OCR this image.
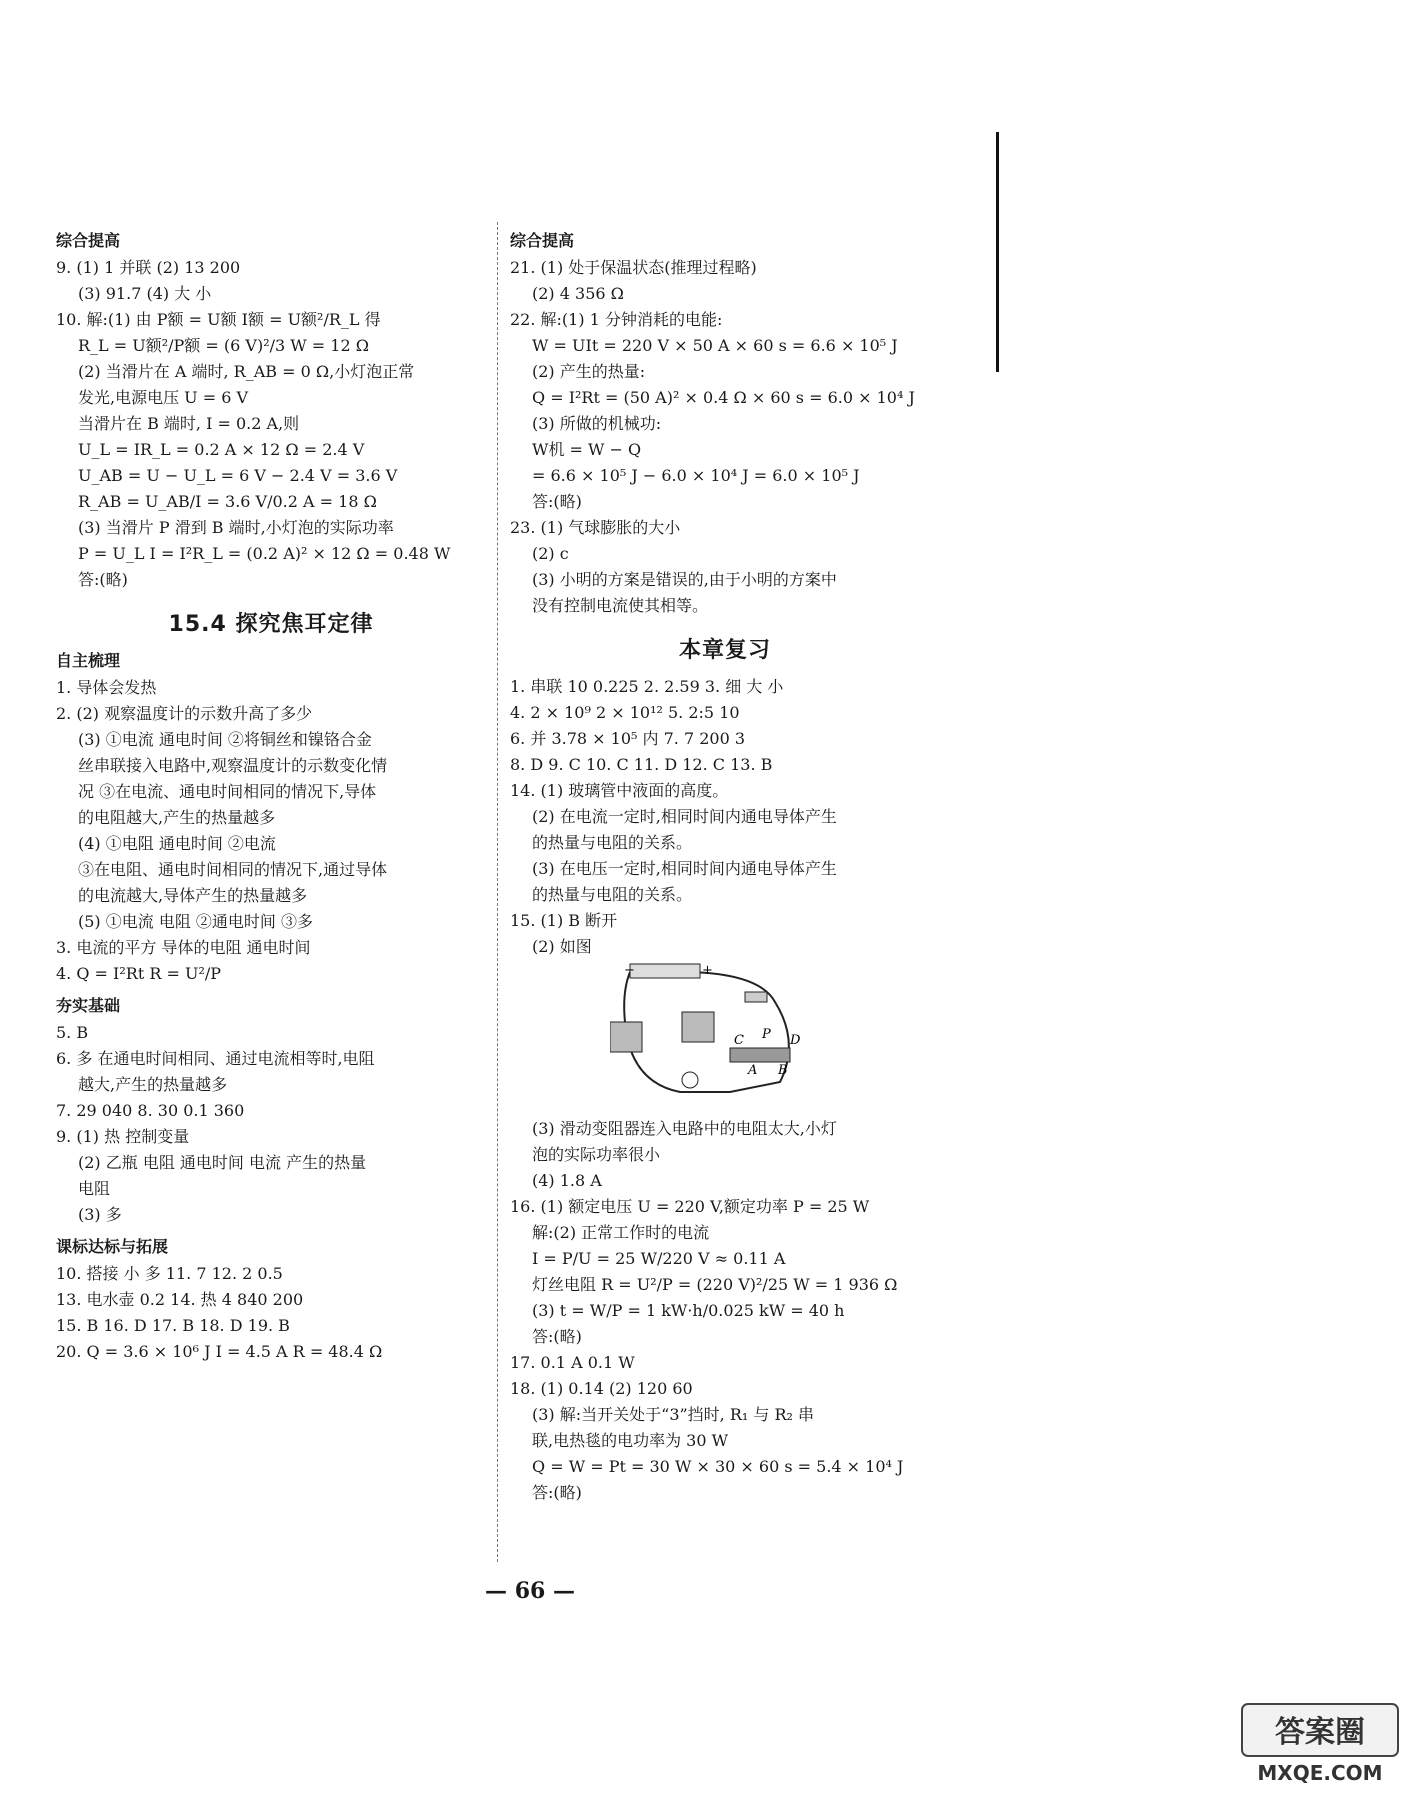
综合提高
9. (1) 1 并联 (2) 13 200
(3) 91.7 (4) 大 小
10. 解:(1) 由 P额 = U额 I额 = U额²/R_L 得
R_L = U额²/P额 = (6 V)²/3 W = 12 Ω
(2) 当滑片在 A 端时, R_AB = 0 Ω,小灯泡正常
发光,电源电压 U = 6 V
当滑片在 B 端时, I = 0.2 A,则
U_L = IR_L = 0.2 A × 12 Ω = 2.4 V
U_AB = U − U_L = 6 V − 2.4 V = 3.6 V
R_AB = U_AB/I = 3.6 V/0.2 A = 18 Ω
(3) 当滑片 P 滑到 B 端时,小灯泡的实际功率
P = U_L I = I²R_L = (0.2 A)² × 12 Ω = 0.48 W
答:(略)
15.4 探究焦耳定律
自主梳理
1. 导体会发热
2. (2) 观察温度计的示数升高了多少
(3) ①电流 通电时间 ②将铜丝和镍铬合金
丝串联接入电路中,观察温度计的示数变化情
况 ③在电流、通电时间相同的情况下,导体
的电阻越大,产生的热量越多
(4) ①电阻 通电时间 ②电流
③在电阻、通电时间相同的情况下,通过导体
的电流越大,导体产生的热量越多
(5) ①电流 电阻 ②通电时间 ③多
3. 电流的平方 导体的电阻 通电时间
4. Q = I²Rt R = U²/P
夯实基础
5. B
6. 多 在通电时间相同、通过电流相等时,电阻
越大,产生的热量越多
7. 29 040 8. 30 0.1 360
9. (1) 热 控制变量
(2) 乙瓶 电阻 通电时间 电流 产生的热量
电阻
(3) 多
课标达标与拓展
10. 搭接 小 多 11. 7 12. 2 0.5
13. 电水壶 0.2 14. 热 4 840 200
15. B 16. D 17. B 18. D 19. B
20. Q = 3.6 × 10⁶ J I = 4.5 A R = 48.4 Ω
综合提高
21. (1) 处于保温状态(推理过程略)
(2) 4 356 Ω
22. 解:(1) 1 分钟消耗的电能:
W = UIt = 220 V × 50 A × 60 s = 6.6 × 10⁵ J
(2) 产生的热量:
Q = I²Rt = (50 A)² × 0.4 Ω × 60 s = 6.0 × 10⁴ J
(3) 所做的机械功:
W机 = W − Q
= 6.6 × 10⁵ J − 6.0 × 10⁴ J = 6.0 × 10⁵ J
答:(略)
23. (1) 气球膨胀的大小
(2) c
(3) 小明的方案是错误的,由于小明的方案中
没有控制电流使其相等。
本章复习
1. 串联 10 0.225 2. 2.59 3. 细 大 小
4. 2 × 10⁹ 2 × 10¹² 5. 2:5 10
6. 并 3.78 × 10⁵ 内 7. 7 200 3
8. D 9. C 10. C 11. D 12. C 13. B
14. (1) 玻璃管中液面的高度。
(2) 在电流一定时,相同时间内通电导体产生
的热量与电阻的关系。
(3) 在电压一定时,相同时间内通电导体产生
的热量与电阻的关系。
15. (1) B 断开
(2) 如图
C P D
A B
+
−
(3) 滑动变阻器连入电路中的电阻太大,小灯
泡的实际功率很小
(4) 1.8 A
16. (1) 额定电压 U = 220 V,额定功率 P = 25 W
解:(2) 正常工作时的电流
I = P/U = 25 W/220 V ≈ 0.11 A
灯丝电阻 R = U²/P = (220 V)²/25 W = 1 936 Ω
(3) t = W/P = 1 kW·h/0.025 kW = 40 h
答:(略)
17. 0.1 A 0.1 W
18. (1) 0.14 (2) 120 60
(3) 解:当开关处于“3”挡时, R₁ 与 R₂ 串
联,电热毯的电功率为 30 W
Q = W = Pt = 30 W × 30 × 60 s = 5.4 × 10⁴ J
答:(略)
— 66 —
答案圈
MXQE.COM
